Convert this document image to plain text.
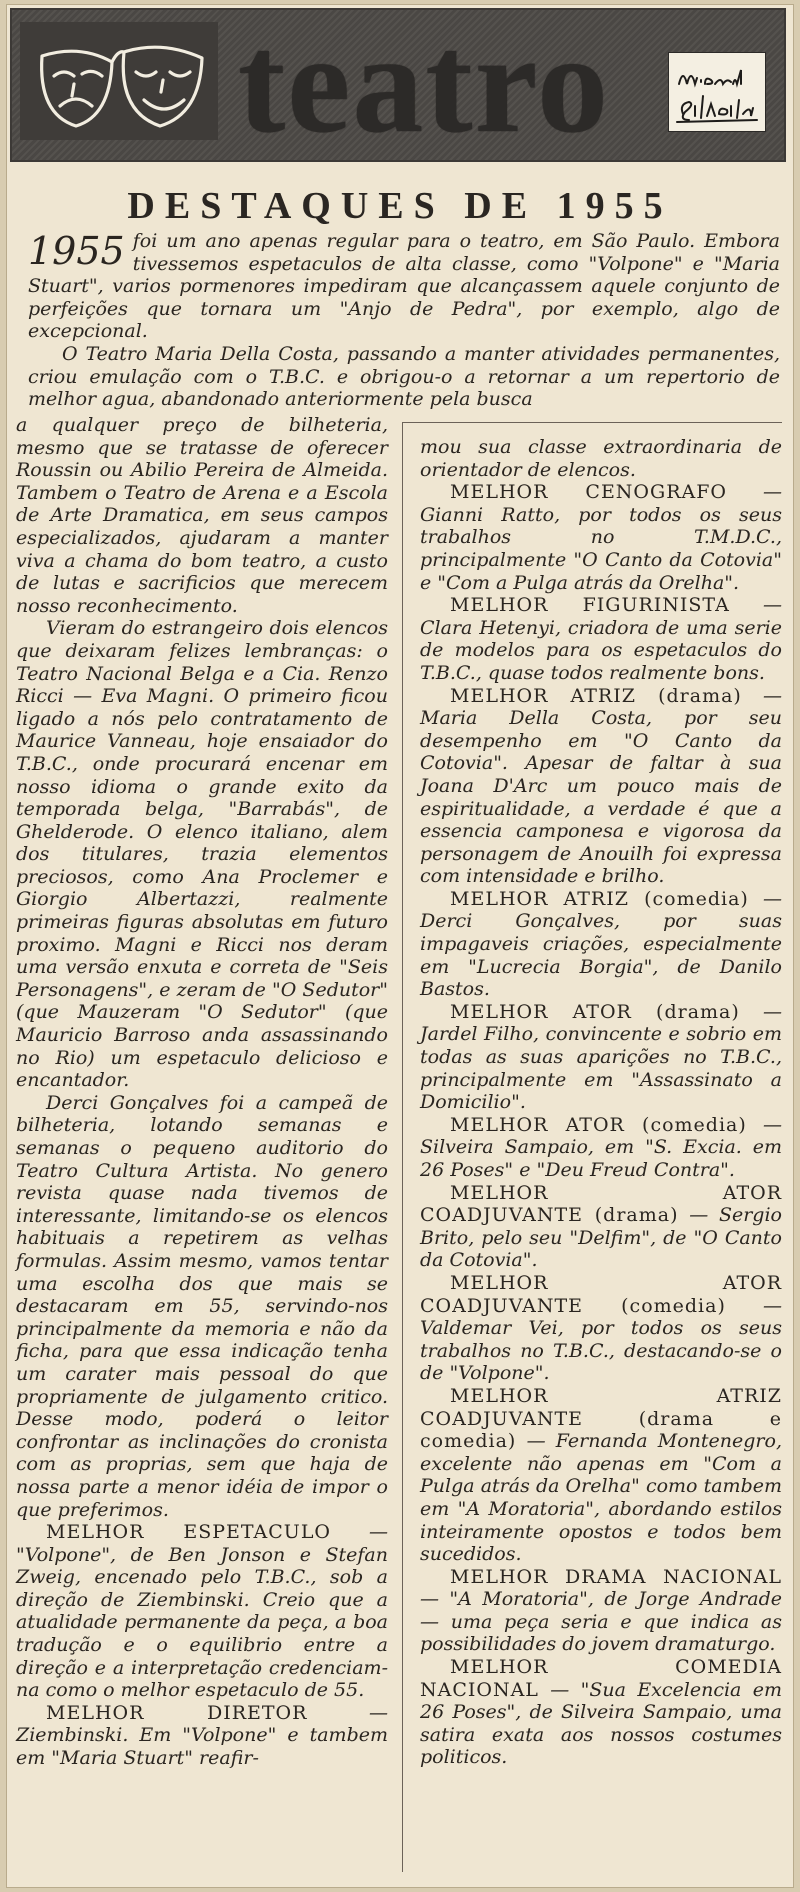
teatro
DESTAQUES DE 1955

1955 foi um ano apenas regular para o teatro, em São Paulo. Embora tivessemos espetaculos de alta classe, como "Volpone" e "Maria Stuart", varios pormenores impediram que alcançassem aquele conjunto de perfeições que tornara um "Anjo de Pedra", por exemplo, algo de excepcional.

O Teatro Maria Della Costa, passando a manter atividades permanentes, criou emulação com o T.B.C. e obrigou-o a retornar a um repertorio de melhor agua, abandonado anteriormente pela busca

a qualquer preço de bilheteria, mesmo que se tratasse de oferecer Roussin ou Abilio Pereira de Almeida. Tambem o Teatro de Arena e a Escola de Arte Dramatica, em seus campos especializados, ajudaram a manter viva a chama do bom teatro, a custo de lutas e sacrificios que merecem nosso reconhecimento.

Vieram do estrangeiro dois elencos que deixaram felizes lembranças: o Teatro Nacional Belga e a Cia. Renzo Ricci — Eva Magni. O primeiro ficou ligado a nós pelo contratamento de Maurice Vanneau, hoje ensaiador do T.B.C., onde procurará encenar em nosso idioma o grande exito da temporada belga, "Barrabás", de Ghelderode. O elenco italiano, alem dos titulares, trazia elementos preciosos, como Ana Proclemer e Giorgio Albertazzi, realmente primeiras figuras absolutas em futuro proximo. Magni e Ricci nos deram uma versão enxuta e correta de "Seis Personagens", e zeram de "O Sedutor" (que Mauzeram "O Sedutor" (que Mauricio Barroso anda assassinando no Rio) um espetaculo delicioso e encantador.

Derci Gonçalves foi a campeã de bilheteria, lotando semanas e semanas o pequeno auditorio do Teatro Cultura Artista. No genero revista quase nada tivemos de interessante, limitando-se os elencos habituais a repetirem as velhas formulas. Assim mesmo, vamos tentar uma escolha dos que mais se destacaram em 55, servindo-nos principalmente da memoria e não da ficha, para que essa indicação tenha um carater mais pessoal do que propriamente de julgamento critico. Desse modo, poderá o leitor confrontar as inclinações do cronista com as proprias, sem que haja de nossa parte a menor idéia de impor o que preferimos.

MELHOR ESPETACULO — "Volpone", de Ben Jonson e Stefan Zweig, encenado pelo T.B.C., sob a direção de Ziembinski. Creio que a atualidade permanente da peça, a boa tradução e o equilibrio entre a direção e a interpretação credenciam-na como o melhor espetaculo de 55.

MELHOR DIRETOR	— Ziembinski. Em "Volpone" e tambem em "Maria Stuart" reafir-

mou sua classe extraordinaria de orientador de elencos.

MELHOR CENOGRAFO — Gianni Ratto, por todos os seus trabalhos no T.M.D.C., principalmente "O Canto da Cotovia" e "Com a Pulga atrás da Orelha".

MELHOR FIGURINISTA — Clara Hetenyi, criadora de uma serie de modelos para os espetaculos do T.B.C., quase todos realmente bons.

MELHOR ATRIZ (drama) — Maria Della Costa, por seu desempenho em "O Canto da Cotovia". Apesar de faltar à sua Joana D'Arc um pouco mais de espiritualidade, a verdade é que a essencia camponesa e vigorosa da personagem de Anouilh foi expressa com intensidade e brilho.

MELHOR ATRIZ (comedia) — Derci Gonçalves, por suas impagaveis criações, especialmente em "Lucrecia Borgia", de Danilo Bastos.

MELHOR ATOR (drama) — Jardel Filho, convincente e sobrio em todas as suas aparições no T.B.C., principalmente em "Assassinato a Domicilio".

MELHOR ATOR (comedia) — Silveira Sampaio, em "S. Excia. em 26 Poses" e "Deu Freud Contra".

MELHOR ATOR COADJUVANTE (drama) — Sergio Brito, pelo seu "Delfim", de "O Canto da Cotovia".

MELHOR ATOR COADJUVANTE (comedia) — Valdemar Vei, por todos os seus trabalhos no T.B.C., destacando-se o de "Volpone".

MELHOR ATRIZ COADJUVANTE (drama e comedia) — Fernanda Montenegro, excelente não apenas em "Com a Pulga atrás da Orelha" como tambem em "A Moratoria", abordando estilos inteiramente opostos e todos bem sucedidos.

MELHOR DRAMA NACIONAL — "A Moratoria", de Jorge Andrade — uma peça seria e que indica as possibilidades do jovem dramaturgo.

MELHOR COMEDIA NACIONAL — "Sua Excelencia em 26 Poses", de Silveira Sampaio, uma satira exata aos nossos costumes politicos.
